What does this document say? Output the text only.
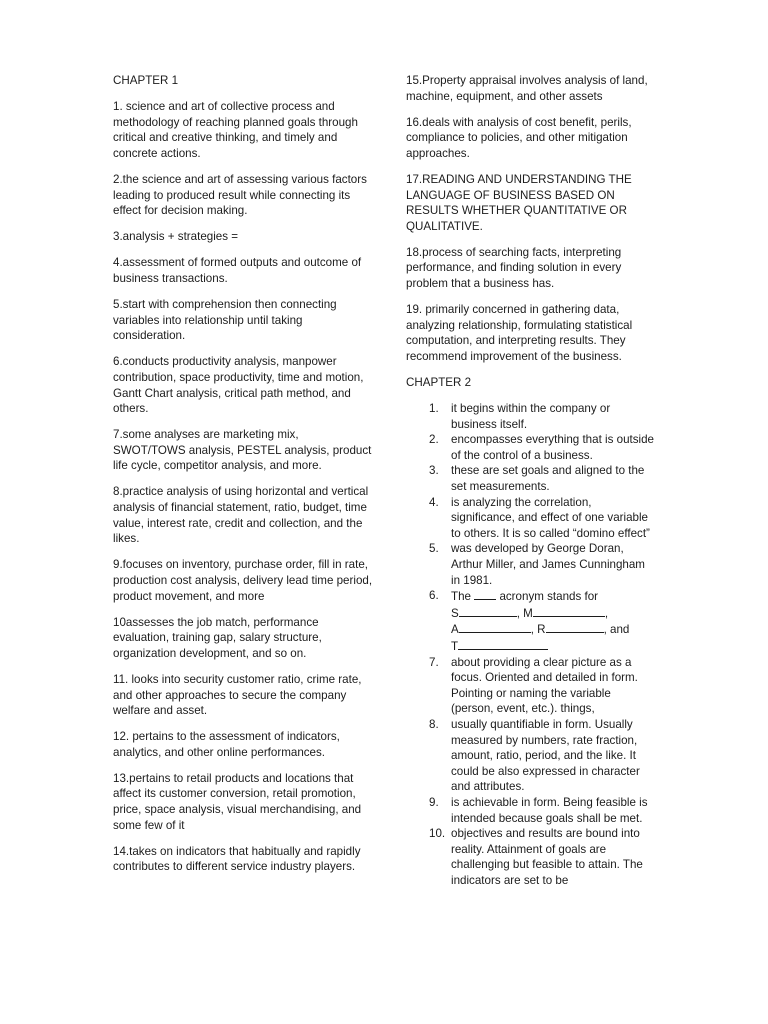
CHAPTER 1

1. science and art of collective process and methodology of reaching planned goals through critical and creative thinking, and timely and concrete actions.

2.the science and art of assessing various factors leading to produced result while connecting its effect for decision making.

3.analysis + strategies =

4.assessment of formed outputs and outcome of business transactions.

5.start with comprehension then connecting variables into relationship until taking consideration.

6.conducts productivity analysis, manpower contribution, space productivity, time and motion, Gantt Chart analysis, critical path method, and others.

7.some analyses are marketing mix, SWOT/TOWS analysis, PESTEL analysis, product life cycle, competitor analysis, and more.

8.practice analysis of using horizontal and vertical analysis of financial statement, ratio, budget, time value, interest rate, credit and collection, and the likes.

9.focuses on inventory, purchase order, fill in rate, production cost analysis, delivery lead time period, product movement, and more

10assesses the job match, performance evaluation, training gap, salary structure, organization development, and so on.

11. looks into security customer ratio, crime rate, and other approaches to secure the company welfare and asset.

12. pertains to the assessment of indicators, analytics, and other online performances.

13.pertains to retail products and locations that affect its customer conversion, retail promotion, price, space analysis, visual merchandising, and some few of it

14.takes on indicators that habitually and rapidly contributes to different service industry players.

15.Property appraisal involves analysis of land, machine, equipment, and other assets

16.deals with analysis of cost benefit, perils, compliance to policies, and other mitigation approaches.

17.READING AND UNDERSTANDING THE LANGUAGE OF BUSINESS BASED ON RESULTS WHETHER QUANTITATIVE OR QUALITATIVE.

18.process of searching facts, interpreting performance, and finding solution in every problem that a business has.

19. primarily concerned in gathering data, analyzing relationship, formulating statistical computation, and interpreting results. They recommend improvement of the business.

CHAPTER 2

1. it begins within the company or business itself.
2. encompasses everything that is outside of the control of a business.
3. these are set goals and aligned to the set measurements.
4. is analyzing the correlation, significance, and effect of one variable to others. It is so called “domino effect”
5. was developed by George Doran, Arthur Miller, and James Cunningham in 1981.
6. The  acronym stands for
S	, M	,
A	, R	, and
T
7. about providing a clear picture as a focus. Oriented and detailed in form. Pointing or naming the variable (person, event, etc.). things,
8. usually quantifiable in form. Usually measured by numbers, rate fraction, amount, ratio, period, and the like. It could be also expressed in character and attributes.
9. is achievable in form. Being feasible is intended because goals shall be met.
10. objectives and results are bound into reality. Attainment of goals are challenging but feasible to attain. The indicators are set to be
